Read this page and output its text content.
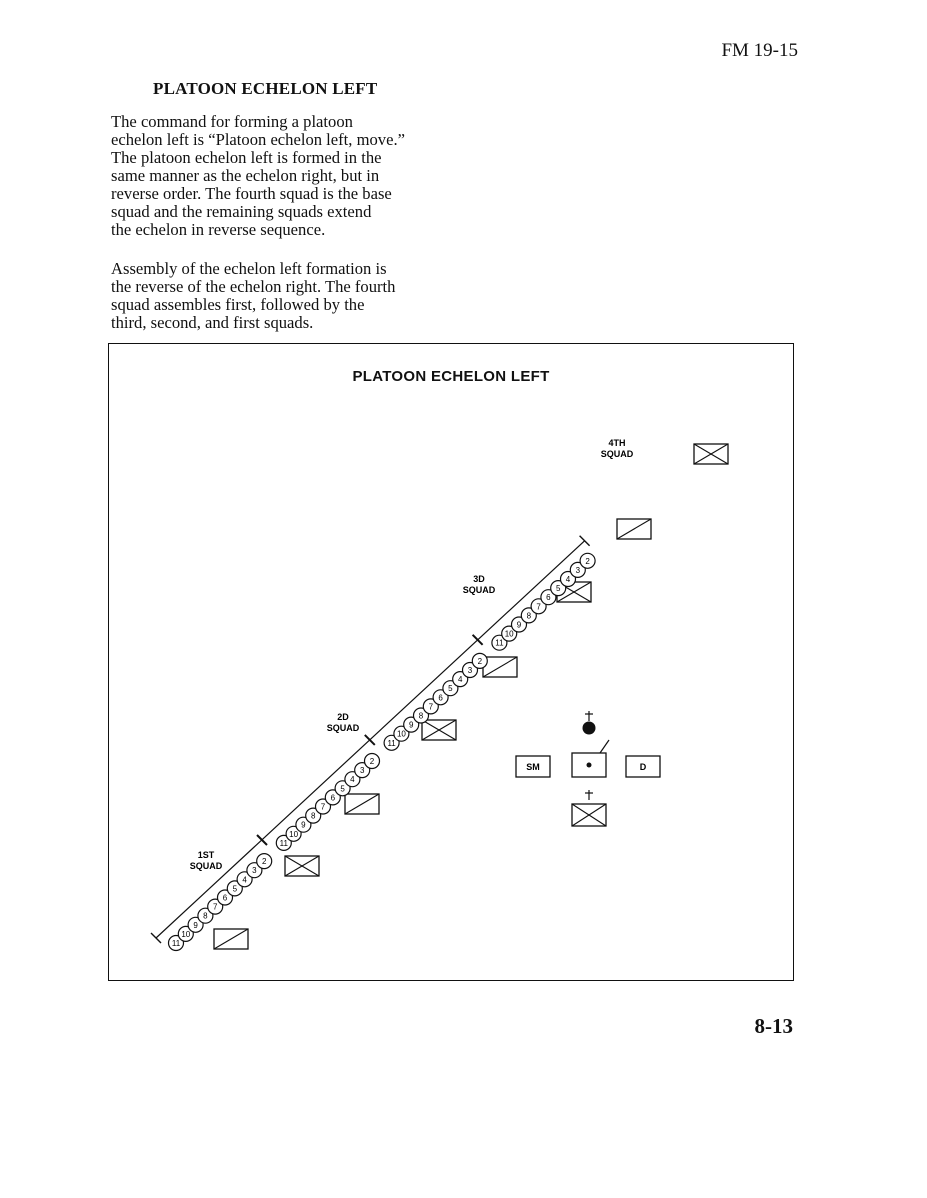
FM 19-15
PLATOON ECHELON LEFT

The command for forming a platoon
echelon left is “Platoon echelon left, move.”
The platoon echelon left is formed in the
same manner as the echelon right, but in
reverse order. The fourth squad is the base
squad and the remaining squads extend
the echelon in reverse sequence.

Assembly of the echelon left formation is
the reverse of the echelon right. The fourth
squad assembles first, followed by the
third, second, and first squads.

PLATOON ECHELON LEFT
SM	D
11
10
9
8
7
6
5
4
3
2
1ST
SQUAD
11
10
9
8
7
6
5
4
3
2
2D
SQUAD
11
10
9
8
7
6
5
4
3
2
3D
SQUAD
11
10
9
8
7
6
5
4
3
2
4TH
SQUAD
8-13
